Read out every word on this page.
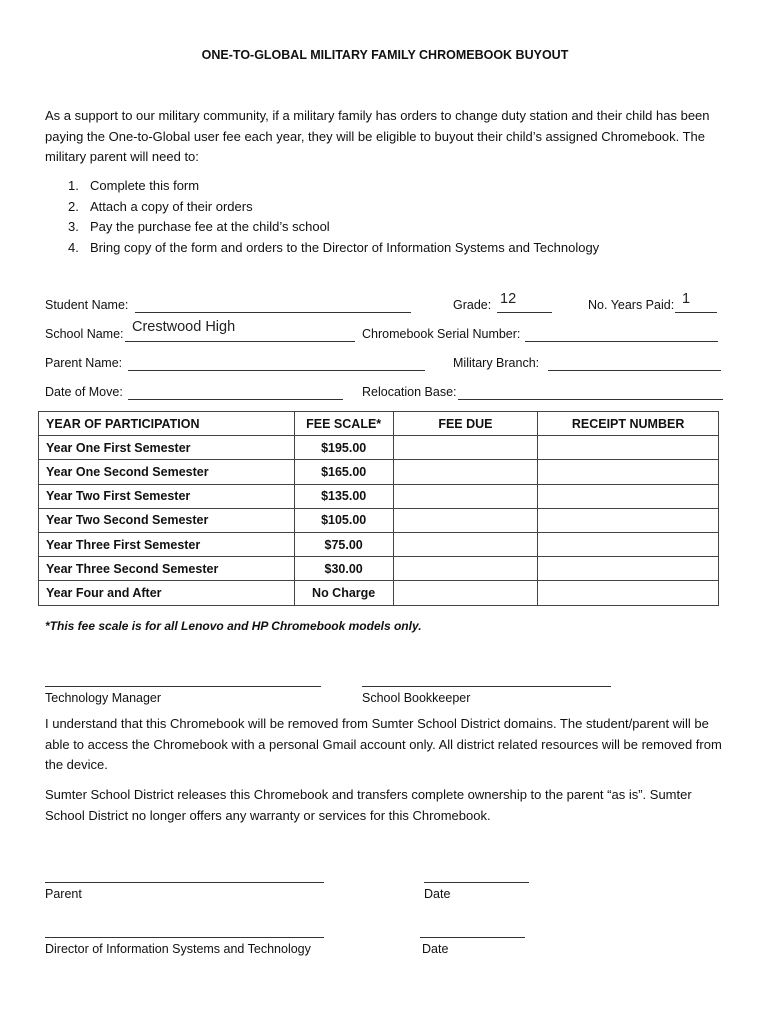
ONE-TO-GLOBAL MILITARY FAMILY CHROMEBOOK BUYOUT
As a support to our military community, if a military family has orders to change duty station and their child has been paying the One-to-Global user fee each year, they will be eligible to buyout their child’s assigned Chromebook. The military parent will need to:
1. Complete this form
2. Attach a copy of their orders
3. Pay the purchase fee at the child’s school
4. Bring copy of the form and orders to the Director of Information Systems and Technology
Student Name:	Grade: 12	No. Years Paid: 1
School Name: Crestwood High	Chromebook Serial Number:
Parent Name:	Military Branch:
Date of Move:	Relocation Base:
YEAR OF PARTICIPATION	FEE SCALE*	FEE DUE	RECEIPT NUMBER
Year One First Semester	$195.00		
Year One Second Semester	$165.00		
Year Two First Semester	$135.00		
Year Two Second Semester	$105.00		
Year Three First Semester	$75.00		
Year Three Second Semester	$30.00		
Year Four and After	No Charge		
*This fee scale is for all Lenovo and HP Chromebook models only.
Technology Manager	School Bookkeeper
I understand that this Chromebook will be removed from Sumter School District domains. The student/parent will be able to access the Chromebook with a personal Gmail account only. All district related resources will be removed from the device.
Sumter School District releases this Chromebook and transfers complete ownership to the parent “as is”. Sumter School District no longer offers any warranty or services for this Chromebook.
Parent	Date
Director of Information Systems and Technology	Date
